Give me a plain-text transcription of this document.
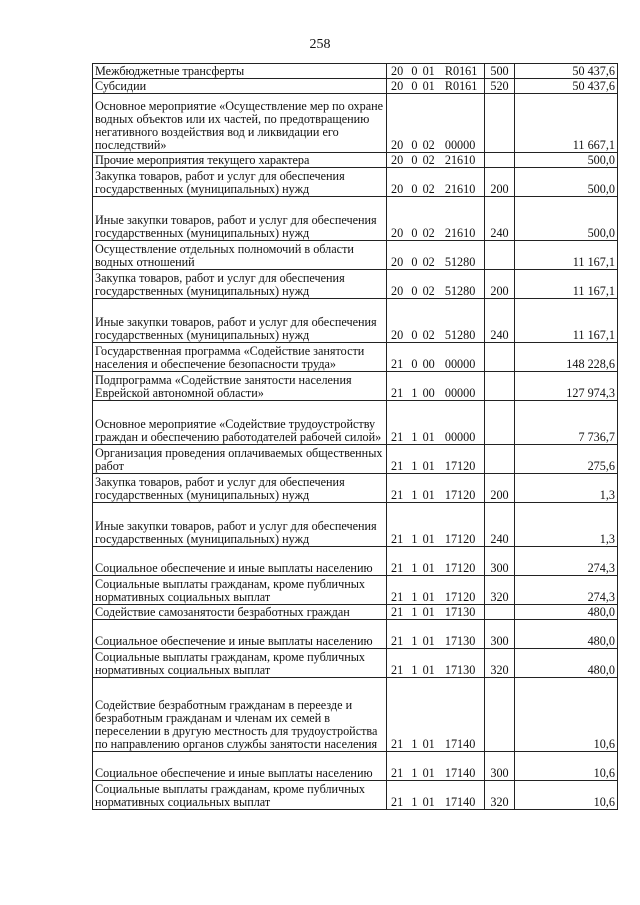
258
Межбюджетные трансферты	20 0 01 R0161	500	50 437,6
Субсидии	20 0 01 R0161	520	50 437,6
Основное мероприятие «Осуществление мер по охране водных объектов или их частей, по предотвращению негативного воздействия вод и ликвидации его последствий»	20 0 02 00000		11 667,1
Прочие мероприятия текущего характера	20 0 02 21610		500,0
Закупка товаров, работ и услуг для обеспечения государственных (муниципальных) нужд	20 0 02 21610	200	500,0
Иные закупки товаров, работ и услуг для обеспечения государственных (муниципальных) нужд	20 0 02 21610	240	500,0
Осуществление отдельных полномочий в области водных отношений	20 0 02 51280		11 167,1
Закупка товаров, работ и услуг для обеспечения государственных (муниципальных) нужд	20 0 02 51280	200	11 167,1
Иные закупки товаров, работ и услуг для обеспечения государственных (муниципальных) нужд	20 0 02 51280	240	11 167,1
Государственная программа «Содействие занятости населения и обеспечение безопасности труда»	21 0 00 00000		148 228,6
Подпрограмма «Содействие занятости населения Еврейской автономной области»	21 1 00 00000		127 974,3
Основное мероприятие «Содействие трудоустройству граждан и обеспечению работодателей рабочей силой»	21 1 01 00000		7 736,7
Организация проведения оплачиваемых общественных работ	21 1 01 17120		275,6
Закупка товаров, работ и услуг для обеспечения государственных (муниципальных) нужд	21 1 01 17120	200	1,3
Иные закупки товаров, работ и услуг для обеспечения государственных (муниципальных) нужд	21 1 01 17120	240	1,3
Социальное обеспечение и иные выплаты населению	21 1 01 17120	300	274,3
Социальные выплаты гражданам, кроме публичных нормативных социальных выплат	21 1 01 17120	320	274,3
Содействие самозанятости безработных граждан	21 1 01 17130		480,0
Социальное обеспечение и иные выплаты населению	21 1 01 17130	300	480,0
Социальные выплаты гражданам, кроме публичных нормативных социальных выплат	21 1 01 17130	320	480,0
Содействие безработным гражданам в переезде и безработным гражданам и членам их семей в переселении в другую местность для трудоустройства по направлению органов службы занятости населения	21 1 01 17140		10,6
Социальное обеспечение и иные выплаты населению	21 1 01 17140	300	10,6
Социальные выплаты гражданам, кроме публичных нормативных социальных выплат	21 1 01 17140	320	10,6
